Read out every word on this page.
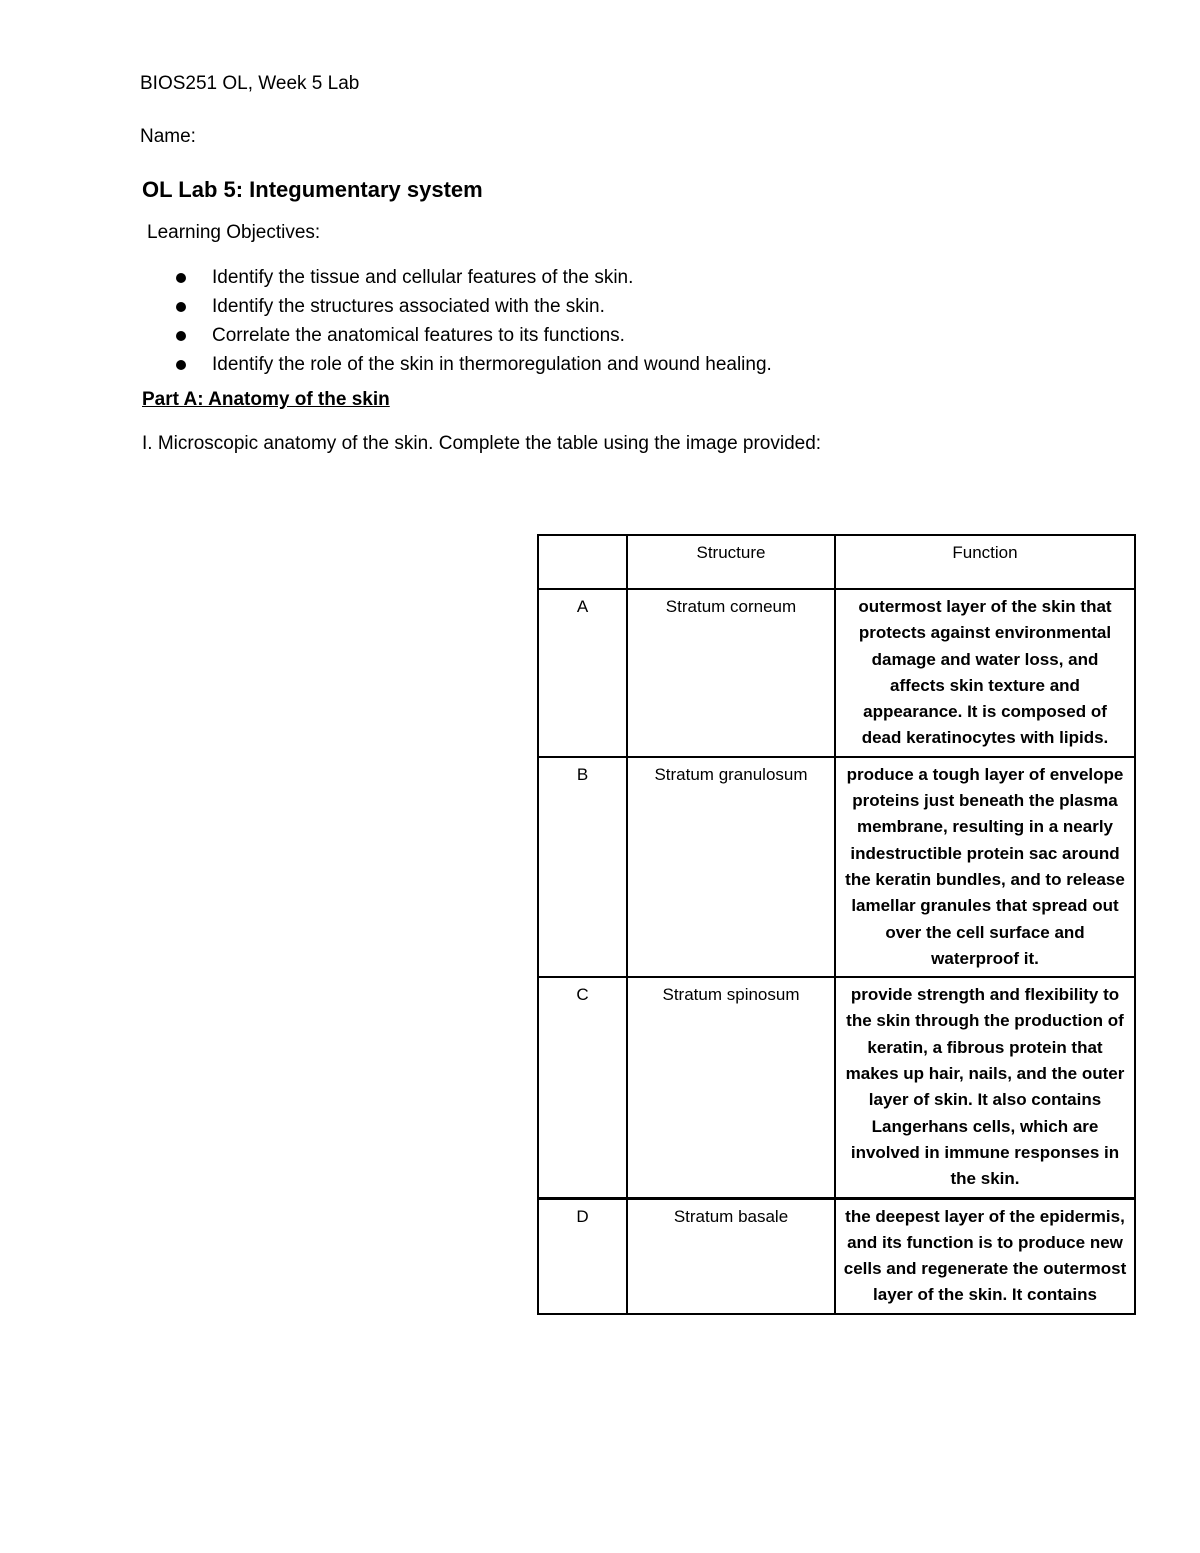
BIOS251 OL, Week 5 Lab
Name:
OL Lab 5: Integumentary system
Learning Objectives:
Identify the tissue and cellular features of the skin.
Identify the structures associated with the skin.
Correlate the anatomical features to its functions.
Identify the role of the skin in thermoregulation and wound healing.
Part A: Anatomy of the skin
I. Microscopic anatomy of the skin. Complete the table using the image provided:
	Structure	Function
A	Stratum corneum	outermost layer of the skin that protects against environmental damage and water loss, and affects skin texture and appearance. It is composed of dead keratinocytes with lipids.
B	Stratum granulosum	produce a tough layer of envelope proteins just beneath the plasma membrane, resulting in a nearly indestructible protein sac around the keratin bundles, and to release lamellar granules that spread out over the cell surface and waterproof it.
C	Stratum spinosum	provide strength and flexibility to the skin through the production of keratin, a fibrous protein that makes up hair, nails, and the outer layer of skin. It also contains Langerhans cells, which are involved in immune responses in the skin.
D	Stratum basale	the deepest layer of the epidermis, and its function is to produce new cells and regenerate the outermost layer of the skin. It contains
